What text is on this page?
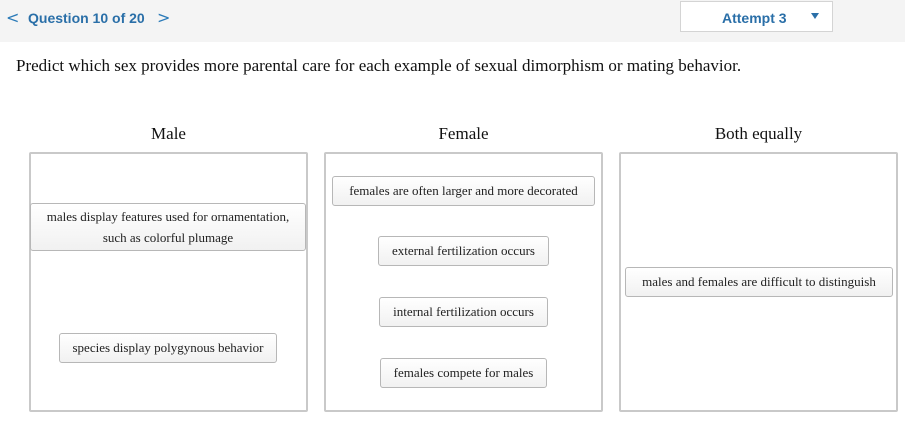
< Question 10 of 20 >	Attempt 3
Predict which sex provides more parental care for each example of sexual dimorphism or mating behavior.
Male	Female	Both equally
males display features used for ornamentation, such as colorful plumage
species display polygynous behavior
females are often larger and more decorated
external fertilization occurs
internal fertilization occurs
females compete for males
males and females are difficult to distinguish
